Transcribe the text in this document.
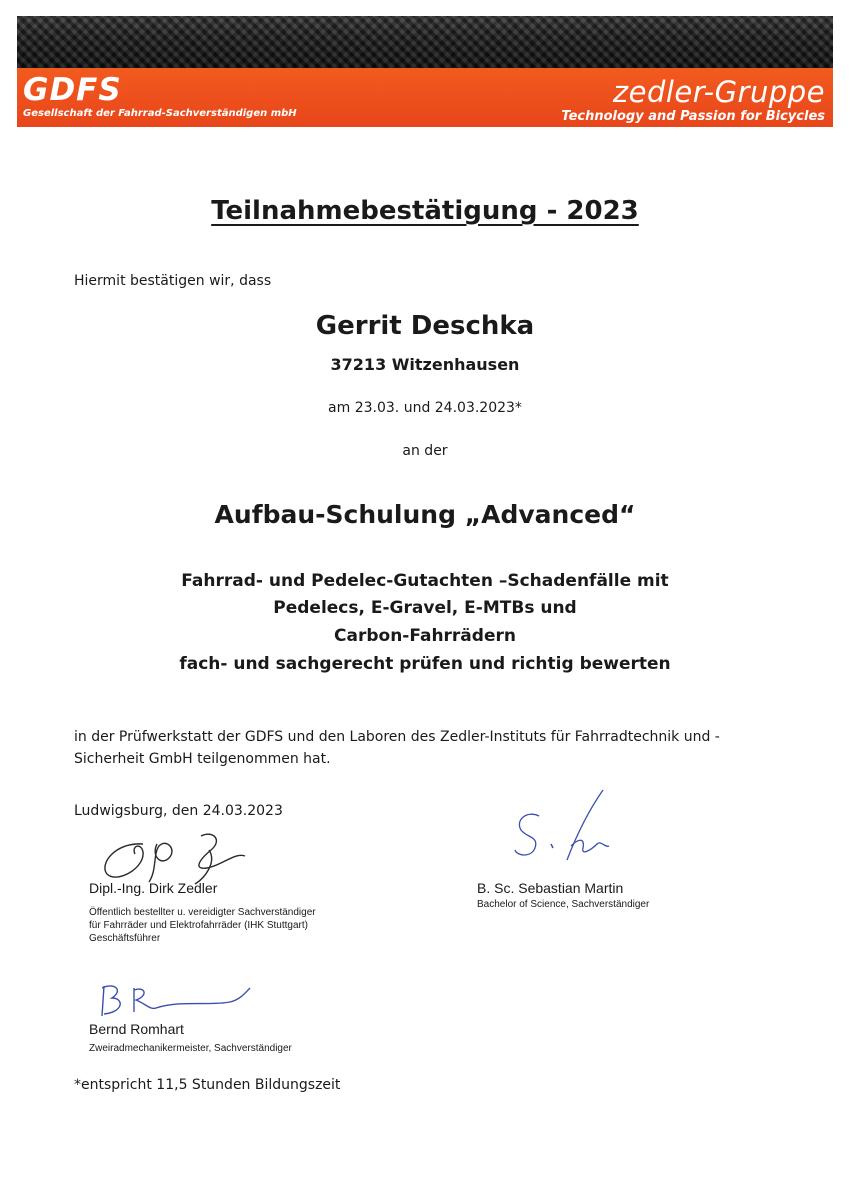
GDFS
Gesellschaft der Fahrrad-Sachverständigen mbH
zedler-Gruppe
Technology and Passion for Bicycles
Teilnahmebestätigung - 2023
Hiermit bestätigen wir, dass
Gerrit Deschka
37213 Witzenhausen
am 23.03. und 24.03.2023*
an der
Aufbau-Schulung „Advanced“
Fahrrad- und Pedelec-Gutachten –Schadenfälle mit
Pedelecs, E-Gravel, E-MTBs und
Carbon-Fahrrädern
fach- und sachgerecht prüfen und richtig bewerten
in der Prüfwerkstatt der GDFS und den Laboren des Zedler-Instituts für Fahrradtechnik und -
Sicherheit GmbH teilgenommen hat.
Ludwigsburg, den 24.03.2023
Dipl.-Ing. Dirk Zedler
Öffentlich bestellter u. vereidigter Sachverständiger
für Fahrräder und Elektrofahrräder (IHK Stuttgart)
Geschäftsführer
B. Sc. Sebastian Martin
Bachelor of Science, Sachverständiger
Bernd Romhart
Zweiradmechanikermeister, Sachverständiger
*entspricht 11,5 Stunden Bildungszeit
